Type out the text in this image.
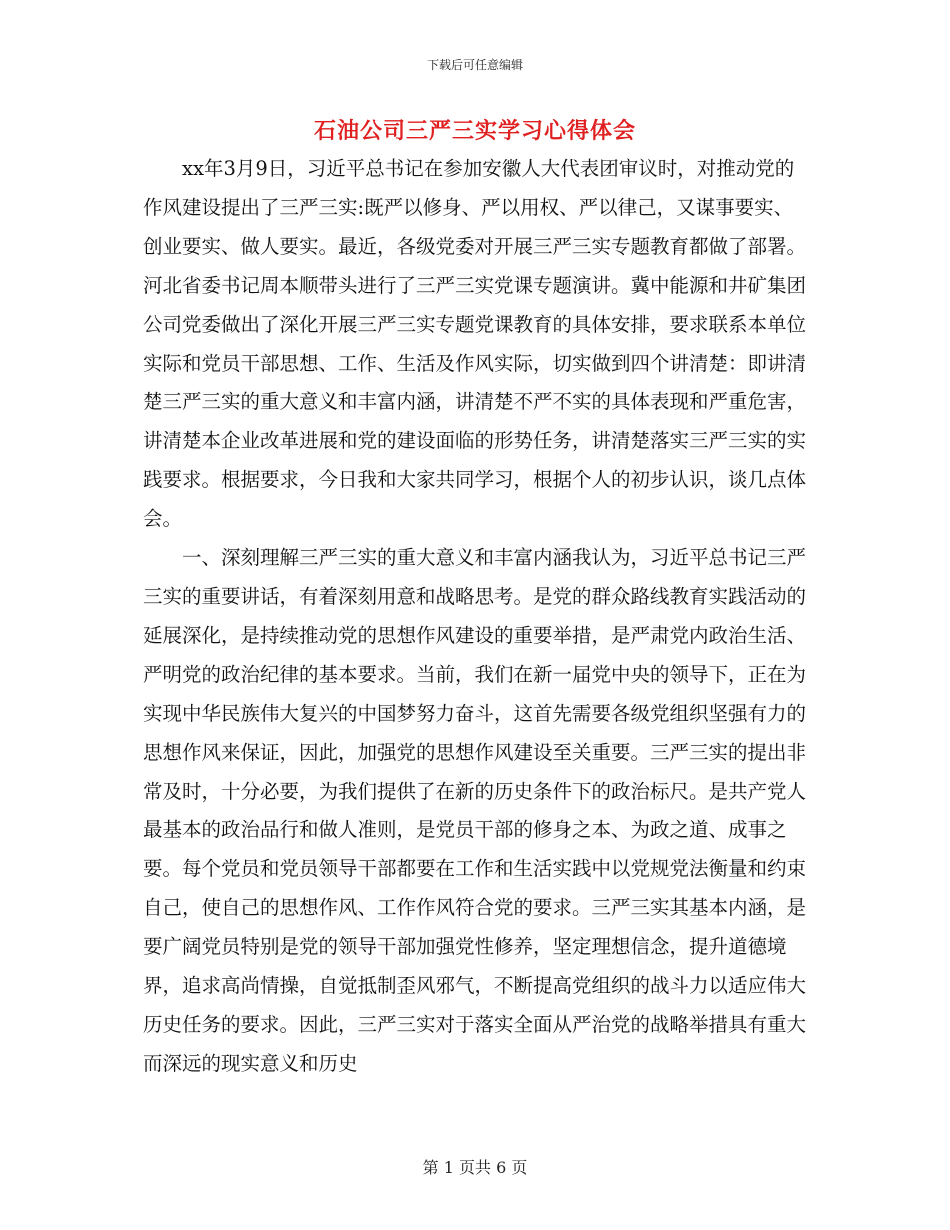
下载后可任意编辑
石油公司三严三实学习心得体会

xx年3月9日，习近平总书记在参加安徽人大代表团审议时，对推动党的作风建设提出了三严三实:既严以修身、严以用权、严以律己，又谋事要实、创业要实、做人要实。最近，各级党委对开展三严三实专题教育都做了部署。河北省委书记周本顺带头进行了三严三实党课专题演讲。冀中能源和井矿集团公司党委做出了深化开展三严三实专题党课教育的具体安排，要求联系本单位实际和党员干部思想、工作、生活及作风实际，切实做到四个讲清楚：即讲清楚三严三实的重大意义和丰富内涵，讲清楚不严不实的具体表现和严重危害，讲清楚本企业改革进展和党的建设面临的形势任务，讲清楚落实三严三实的实践要求。根据要求，今日我和大家共同学习，根据个人的初步认识，谈几点体会。

一、深刻理解三严三实的重大意义和丰富内涵我认为，习近平总书记三严三实的重要讲话，有着深刻用意和战略思考。是党的群众路线教育实践活动的延展深化，是持续推动党的思想作风建设的重要举措，是严肃党内政治生活、严明党的政治纪律的基本要求。当前，我们在新一届党中央的领导下，正在为实现中华民族伟大复兴的中国梦努力奋斗，这首先需要各级党组织坚强有力的思想作风来保证，因此，加强党的思想作风建设至关重要。三严三实的提出非常及时，十分必要，为我们提供了在新的历史条件下的政治标尺。是共产党人最基本的政治品行和做人准则，是党员干部的修身之本、为政之道、成事之要。每个党员和党员领导干部都要在工作和生活实践中以党规党法衡量和约束自己，使自己的思想作风、工作作风符合党的要求。三严三实其基本内涵，是要广阔党员特别是党的领导干部加强党性修养，坚定理想信念，提升道德境界，追求高尚情操，自觉抵制歪风邪气，不断提高党组织的战斗力以适应伟大历史任务的要求。因此，三严三实对于落实全面从严治党的战略举措具有重大而深远的现实意义和历史

第 1 页共 6 页
